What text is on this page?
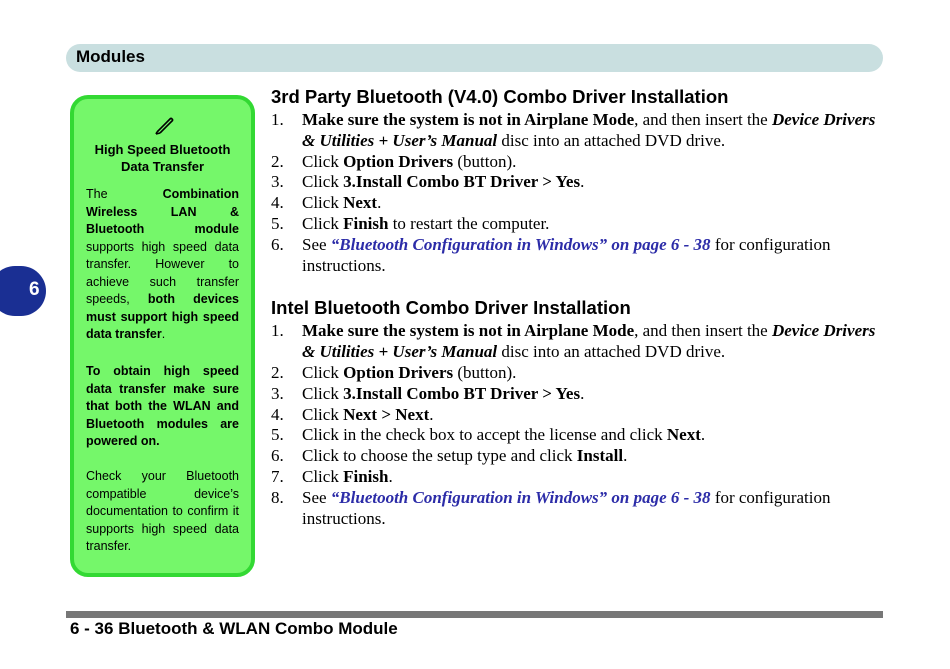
Modules
6
High Speed Bluetooth Data Transfer
The Combination Wireless LAN & Bluetooth module supports high speed data transfer. However to achieve such transfer speeds, both devices must support high speed data transfer.
To obtain high speed data transfer make sure that both the WLAN and Bluetooth modules are powered on.
Check your Bluetooth compatible device’s documentation to confirm it supports high speed data transfer.
3rd Party Bluetooth (V4.0) Combo Driver Installation
1. Make sure the system is not in Airplane Mode, and then insert the Device Drivers & Utilities + User’s Manual disc into an attached DVD drive.
2. Click Option Drivers (button).
3. Click 3.Install Combo BT Driver > Yes.
4. Click Next.
5. Click Finish to restart the computer.
6. See “Bluetooth Configuration in Windows” on page 6 - 38 for configuration instructions.
Intel Bluetooth Combo Driver Installation
1. Make sure the system is not in Airplane Mode, and then insert the Device Drivers & Utilities + User’s Manual disc into an attached DVD drive.
2. Click Option Drivers (button).
3. Click 3.Install Combo BT Driver > Yes.
4. Click Next > Next.
5. Click in the check box to accept the license and click Next.
6. Click to choose the setup type and click Install.
7. Click Finish.
8. See “Bluetooth Configuration in Windows” on page 6 - 38 for configuration instructions.
6 - 36 Bluetooth & WLAN Combo Module
